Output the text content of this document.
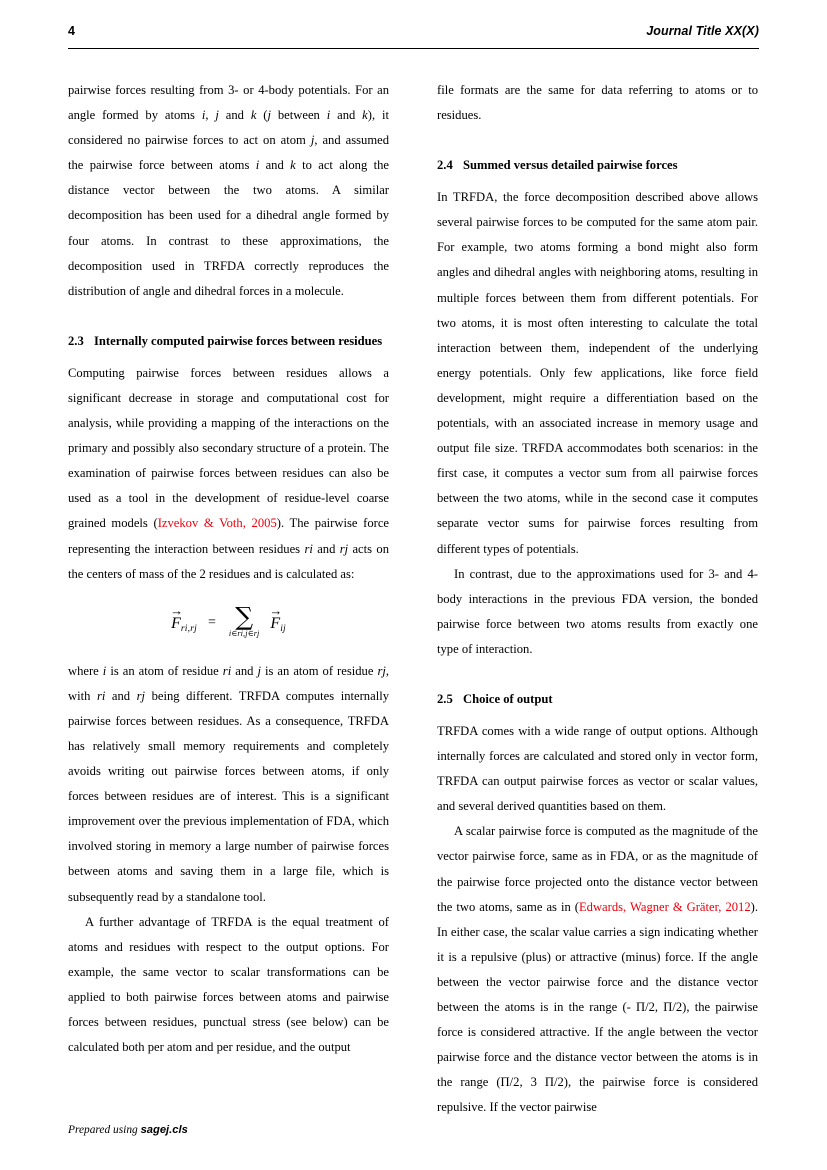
4	Journal Title XX(X)

pairwise forces resulting from 3- or 4-body potentials. For an angle formed by atoms i, j and k (j between i and k), it considered no pairwise forces to act on atom j, and assumed the pairwise force between atoms i and k to act along the distance vector between the two atoms. A similar decomposition has been used for a dihedral angle formed by four atoms. In contrast to these approximations, the decomposition used in TRFDA correctly reproduces the distribution of angle and dihedral forces in a molecule.

2.3 Internally computed pairwise forces between residues

Computing pairwise forces between residues allows a significant decrease in storage and computational cost for analysis, while providing a mapping of the interactions on the primary and possibly also secondary structure of a protein. The examination of pairwise forces between residues can also be used as a tool in the development of residue-level coarse grained models (Izvekov & Voth, 2005). The pairwise force representing the interaction between residues ri and rj acts on the centers of mass of the 2 residues and is calculated as:

→
$F_{ri,rj}$ = ∑
i∈ri,j∈rj
→
$F_{ij}$

where i is an atom of residue ri and j is an atom of residue rj, with ri and rj being different. TRFDA computes internally pairwise forces between residues. As a consequence, TRFDA has relatively small memory requirements and completely avoids writing out pairwise forces between atoms, if only forces between residues are of interest. This is a significant improvement over the previous implementation of FDA, which involved storing in memory a large number of pairwise forces between atoms and saving them in a large file, which is subsequently read by a standalone tool.

A further advantage of TRFDA is the equal treatment of atoms and residues with respect to the output options. For example, the same vector to scalar transformations can be applied to both pairwise forces between atoms and pairwise forces between residues, punctual stress (see below) can be calculated both per atom and per residue, and the output

file formats are the same for data referring to atoms or to residues.

2.4 Summed versus detailed pairwise forces

In TRFDA, the force decomposition described above allows several pairwise forces to be computed for the same atom pair. For example, two atoms forming a bond might also form angles and dihedral angles with neighboring atoms, resulting in multiple forces between them from different potentials. For two atoms, it is most often interesting to calculate the total interaction between them, independent of the underlying energy potentials. Only few applications, like force field development, might require a differentiation based on the potentials, with an associated increase in memory usage and output file size. TRFDA accommodates both scenarios: in the first case, it computes a vector sum from all pairwise forces between the two atoms, while in the second case it computes separate vector sums for pairwise forces resulting from different types of potentials.

In contrast, due to the approximations used for 3- and 4-body interactions in the previous FDA version, the bonded pairwise force between two atoms results from exactly one type of interaction.

2.5 Choice of output

TRFDA comes with a wide range of output options. Although internally forces are calculated and stored only in vector form, TRFDA can output pairwise forces as vector or scalar values, and several derived quantities based on them.

A scalar pairwise force is computed as the magnitude of the vector pairwise force, same as in FDA, or as the magnitude of the pairwise force projected onto the distance vector between the two atoms, same as in (Edwards, Wagner & Gräter, 2012). In either case, the scalar value carries a sign indicating whether it is a repulsive (plus) or attractive (minus) force. If the angle between the vector pairwise force and the distance vector between the atoms is in the range (- Π/2, Π/2), the pairwise force is considered attractive. If the angle between the vector pairwise force and the distance vector between the atoms is in the range (Π/2, 3 Π/2), the pairwise force is considered repulsive. If the vector pairwise

Prepared using sagej.cls
